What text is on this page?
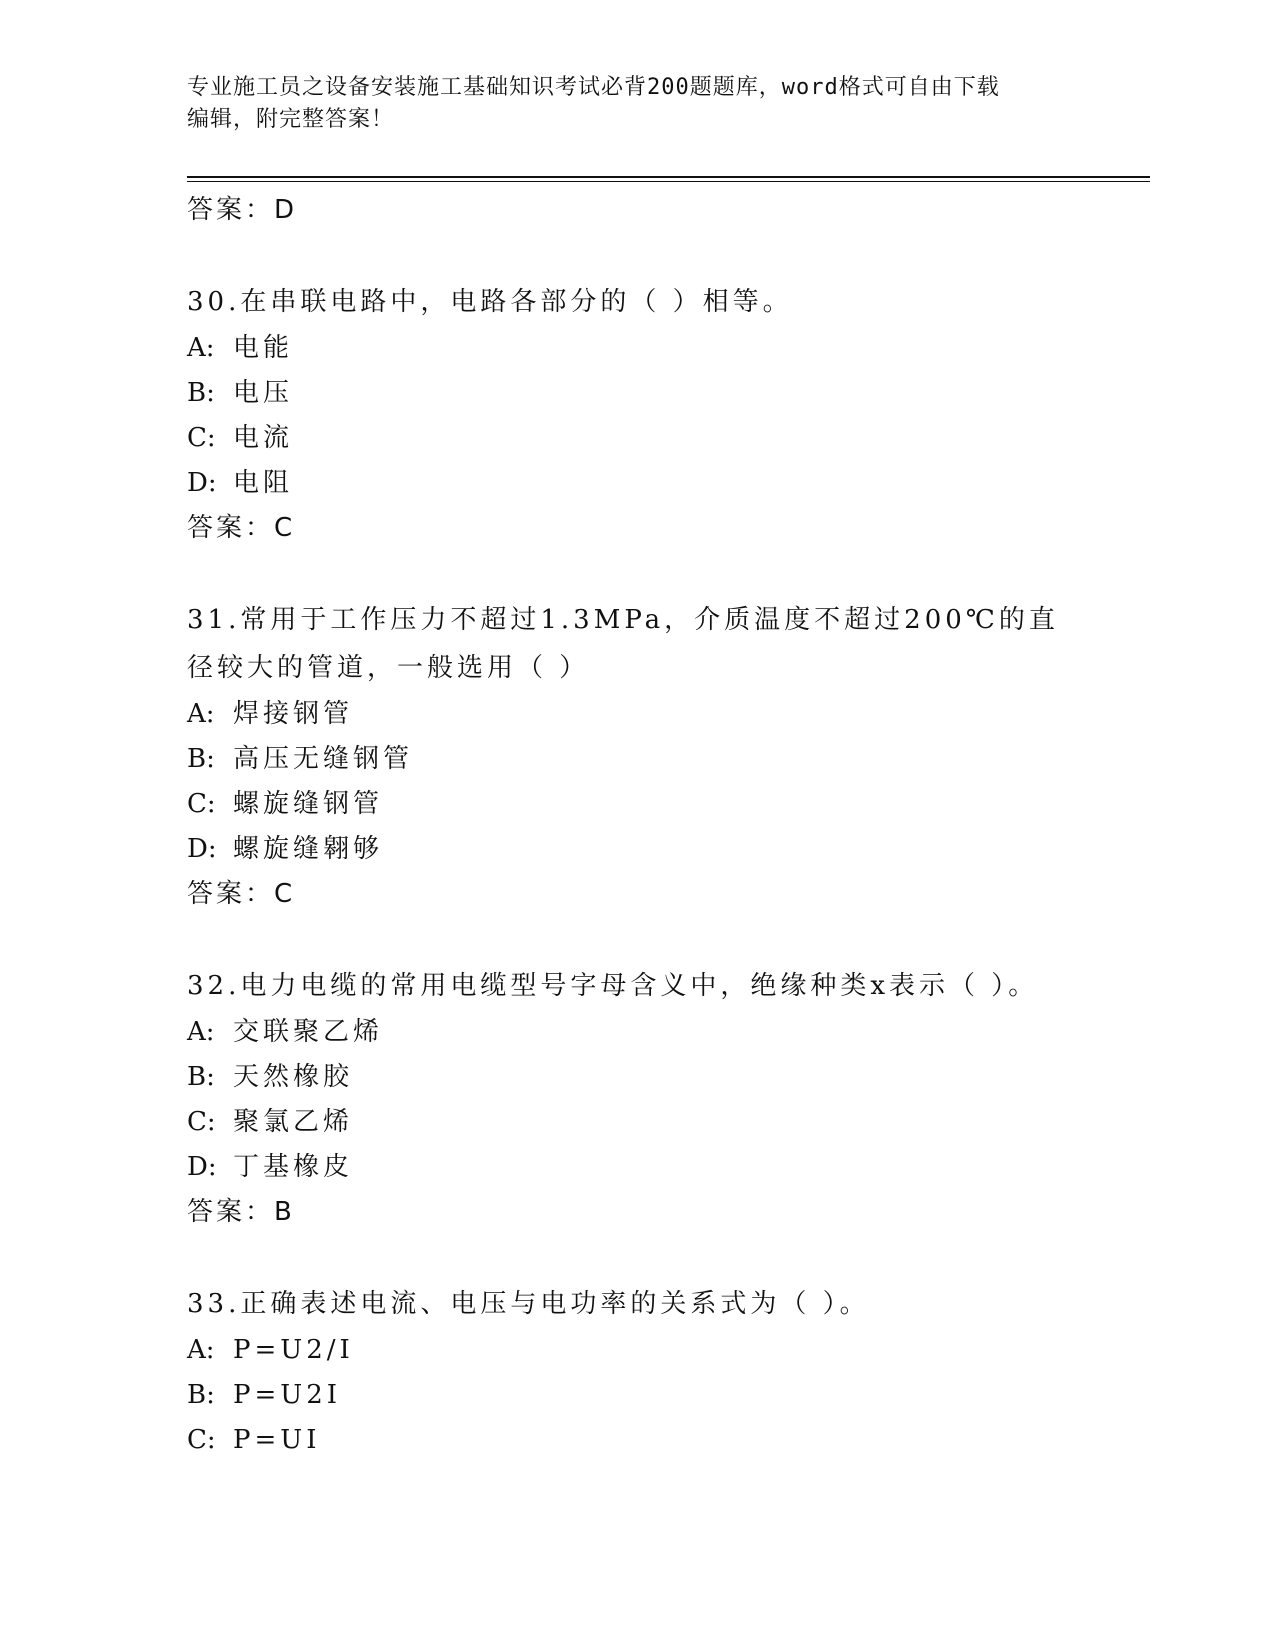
专业施工员之设备安装施工基础知识考试必背200题题库，word格式可自由下载
编辑，附完整答案！
答案：D
30.在串联电路中，电路各部分的（ ）相等。
A: 电能
B: 电压
C: 电流
D: 电阻
答案：C
31.常用于工作压力不超过1.3MPa，介质温度不超过200℃的直径较大的管道，一般选用（ ）
A: 焊接钢管
B: 高压无缝钢管
C: 螺旋缝钢管
D: 螺旋缝翱够
答案：C
32.电力电缆的常用电缆型号字母含义中，绝缘种类x表示（ ）。
A: 交联聚乙烯
B: 天然橡胶
C: 聚氯乙烯
D: 丁基橡皮
答案：B
33.正确表述电流、电压与电功率的关系式为（ ）。
A: P=U2/I
B: P=U2I
C: P=UI
